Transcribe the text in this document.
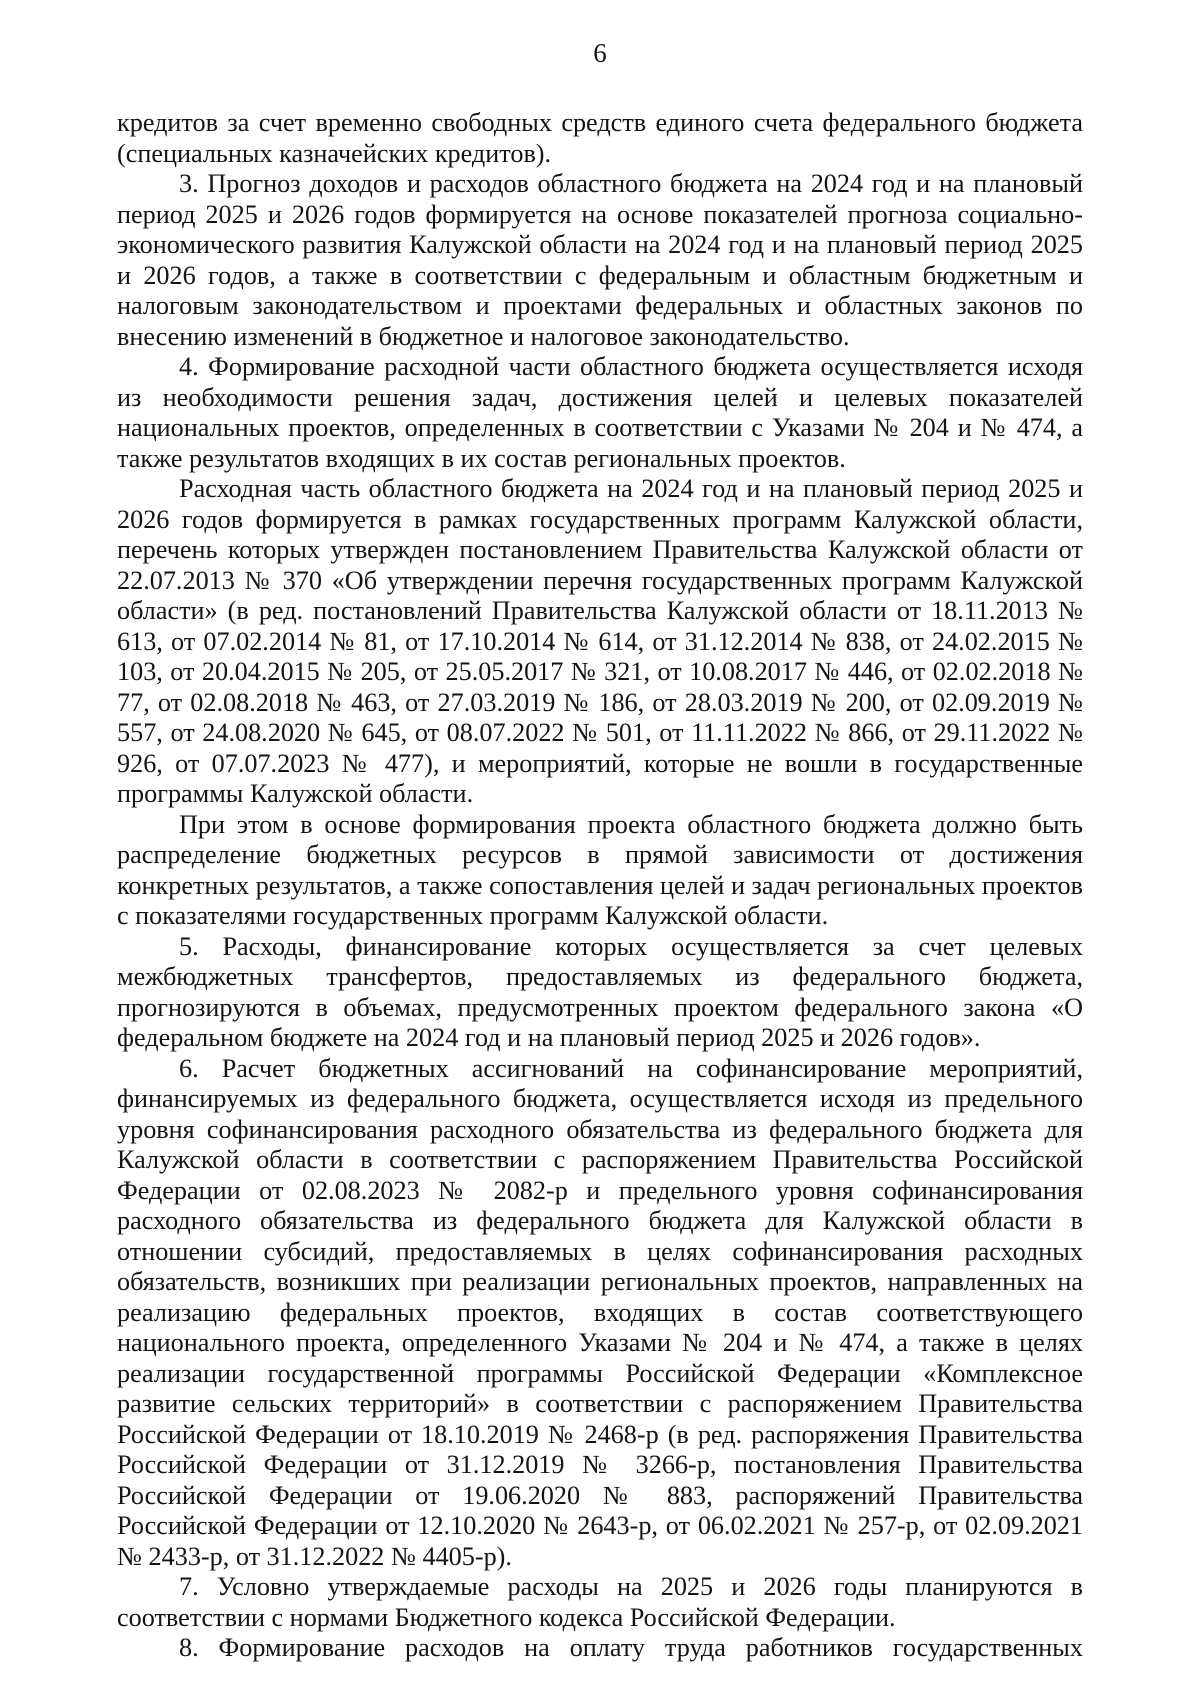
6

кредитов за счет временно свободных средств единого счета федерального бюджета (специальных казначейских кредитов).

3. Прогноз доходов и расходов областного бюджета на 2024 год и на плановый период 2025 и 2026 годов формируется на основе показателей прогноза социально-экономического развития Калужской области на 2024 год и на плановый период 2025 и 2026 годов, а также в соответствии с федеральным и областным бюджетным и налоговым законодательством и проектами федеральных и областных законов по внесению изменений в бюджетное и налоговое законодательство.

4. Формирование расходной части областного бюджета осуществляется исходя из необходимости решения задач, достижения целей и целевых показателей национальных проектов, определенных в соответствии с Указами № 204 и № 474, а также результатов входящих в их состав региональных проектов.

Расходная часть областного бюджета на 2024 год и на плановый период 2025 и 2026 годов формируется в рамках государственных программ Калужской области, перечень которых утвержден постановлением Правительства Калужской области от 22.07.2013 № 370 «Об утверждении перечня государственных программ Калужской области» (в ред. постановлений Правительства Калужской области от 18.11.2013 № 613, от 07.02.2014 № 81, от 17.10.2014 № 614, от 31.12.2014 № 838, от 24.02.2015 № 103, от 20.04.2015 № 205, от 25.05.2017 № 321, от 10.08.2017 № 446, от 02.02.2018 № 77, от 02.08.2018 № 463, от 27.03.2019 № 186, от 28.03.2019 № 200, от 02.09.2019 № 557, от 24.08.2020 № 645, от 08.07.2022 № 501, от 11.11.2022 № 866, от 29.11.2022 № 926, от 07.07.2023 № 477), и мероприятий, которые не вошли в государственные программы Калужской области.

При этом в основе формирования проекта областного бюджета должно быть распределение бюджетных ресурсов в прямой зависимости от достижения конкретных результатов, а также сопоставления целей и задач региональных проектов с показателями государственных программ Калужской области.

5. Расходы, финансирование которых осуществляется за счет целевых межбюджетных трансфертов, предоставляемых из федерального бюджета, прогнозируются в объемах, предусмотренных проектом федерального закона «О федеральном бюджете на 2024 год и на плановый период 2025 и 2026 годов».

6. Расчет бюджетных ассигнований на софинансирование мероприятий, финансируемых из федерального бюджета, осуществляется исходя из предельного уровня софинансирования расходного обязательства из федерального бюджета для Калужской области в соответствии с распоряжением Правительства Российской Федерации от 02.08.2023 № 2082-р и предельного уровня софинансирования расходного обязательства из федерального бюджета для Калужской области в отношении субсидий, предоставляемых в целях софинансирования расходных обязательств, возникших при реализации региональных проектов, направленных на реализацию федеральных проектов, входящих в состав соответствующего национального проекта, определенного Указами № 204 и № 474, а также в целях реализации государственной программы Российской Федерации «Комплексное развитие сельских территорий» в соответствии с распоряжением Правительства Российской Федерации от 18.10.2019 № 2468-р (в ред. распоряжения Правительства Российской Федерации от 31.12.2019 № 3266-р, постановления Правительства Российской Федерации от 19.06.2020 № 883, распоряжений Правительства Российской Федерации от 12.10.2020 № 2643-р, от 06.02.2021 № 257-р, от 02.09.2021 № 2433-р, от 31.12.2022 № 4405-р).

7. Условно утверждаемые расходы на 2025 и 2026 годы планируются в соответствии с нормами Бюджетного кодекса Российской Федерации.

8. Формирование расходов на оплату труда работников государственных
